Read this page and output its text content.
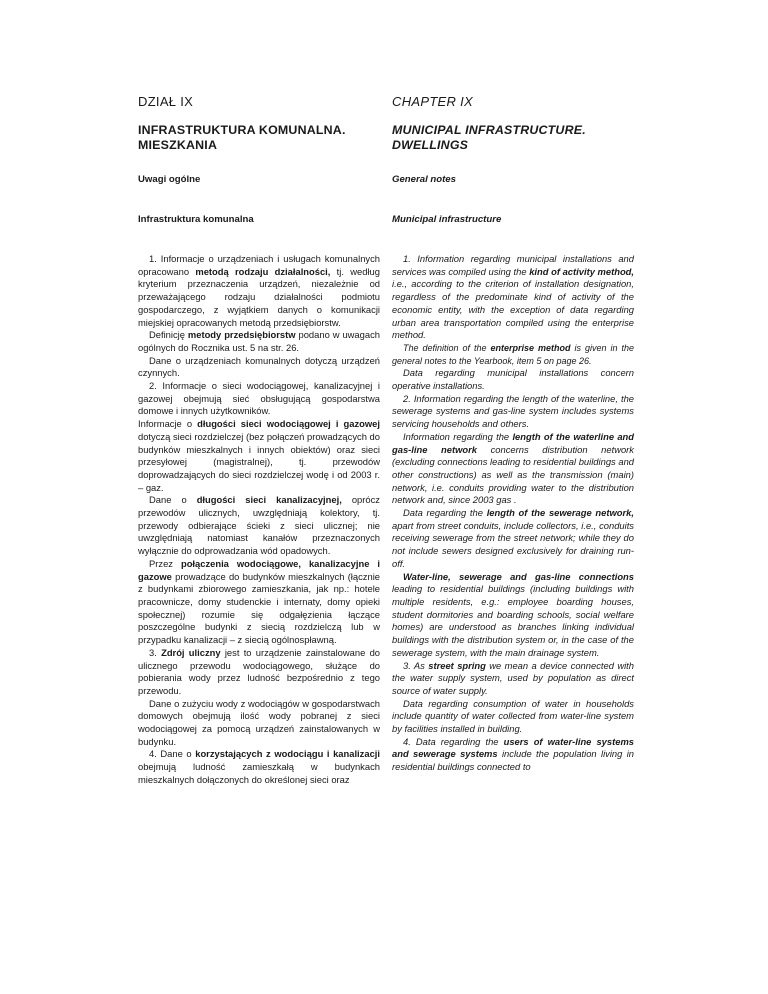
DZIAŁ IX

INFRASTRUKTURA KOMUNALNA.
MIESZKANIA

Uwagi ogólne

Infrastruktura komunalna

1. Informacje o urządzeniach i usługach komunalnych opracowano metodą rodzaju działalności, tj. według kryterium przeznaczenia urządzeń, niezależnie od przeważającego rodzaju działalności podmiotu gospodarczego, z wyjątkiem danych o komunikacji miejskiej opracowanych metodą przedsiębiorstw.

Definicję metody przedsiębiorstw podano w uwagach ogólnych do Rocznika ust. 5 na str. 26.

Dane o urządzeniach komunalnych dotyczą urządzeń czynnych.

2. Informacje o sieci wodociągowej, kanalizacyjnej i gazowej obejmują sieć obsługującą gospodarstwa domowe i innych użytkowników.

Informacje o długości sieci wodociągowej i gazowej dotyczą sieci rozdzielczej (bez połączeń prowadzących do budynków mieszkalnych i innych obiektów) oraz sieci przesyłowej (magistralnej), tj. przewodów doprowadzających do sieci rozdzielczej wodę i od 2003 r. – gaz.

Dane o długości sieci kanalizacyjnej, oprócz przewodów ulicznych, uwzględniają kolektory, tj. przewody odbierające ścieki z sieci ulicznej; nie uwzględniają natomiast kanałów przeznaczonych wyłącznie do odprowadzania wód opadowych.

Przez połączenia wodociągowe, kanalizacyjne i gazowe prowadzące do budynków mieszkalnych (łącznie z budynkami zbiorowego zamieszkania, jak np.: hotele pracownicze, domy studenckie i internaty, domy opieki społecznej) rozumie się odgałęzienia łączące poszczególne budynki z siecią rozdzielczą lub w przypadku kanalizacji – z siecią ogólnospławną.

3. Zdrój uliczny jest to urządzenie zainstalowane do ulicznego przewodu wodociągowego, służące do pobierania wody przez ludność bezpośrednio z tego przewodu.

Dane o zużyciu wody z wodociągów w gospodarstwach domowych obejmują ilość wody pobranej z sieci wodociągowej za pomocą urządzeń zainstalowanych w budynku.

4. Dane o korzystających z wodociągu i kanalizacji obejmują ludność zamieszkałą w budynkach mieszkalnych dołączonych do określonej sieci oraz

CHAPTER IX

MUNICIPAL INFRASTRUCTURE.
DWELLINGS

General notes

Municipal infrastructure

1. Information regarding municipal installations and services was compiled using the kind of activity method, i.e., according to the criterion of installation designation, regardless of the predominate kind of activity of the economic entity, with the exception of data regarding urban area transportation compiled using the enterprise method.

The definition of the enterprise method is given in the general notes to the Yearbook, item 5 on page 26.

Data regarding municipal installations concern operative installations.

2. Information regarding the length of the waterline, the sewerage systems and gas-line system includes systems servicing households and others.

Information regarding the length of the waterline and gas-line network concerns distribution network (excluding connections leading to residential buildings and other constructions) as well as the transmission (main) network, i.e. conduits providing water to the distribution network and, since 2003 gas .

Data regarding the length of the sewerage network, apart from street conduits, include collectors, i.e., conduits receiving sewerage from the street network; while they do not include sewers designed exclusively for draining run-off.

Water-line, sewerage and gas-line connections leading to residential buildings (including buildings with multiple residents, e.g.: employee boarding houses, student dormitories and boarding schools, social welfare homes) are understood as branches linking individual buildings with the distribution system or, in the case of the sewerage system, with the main drainage system.

3. As street spring we mean a device connected with the water supply system, used by population as direct source of water supply.

Data regarding consumption of water in households include quantity of water collected from water-line system by facilities installed in building.

4. Data regarding the users of water-line systems and sewerage systems include the population living in residential buildings connected to
